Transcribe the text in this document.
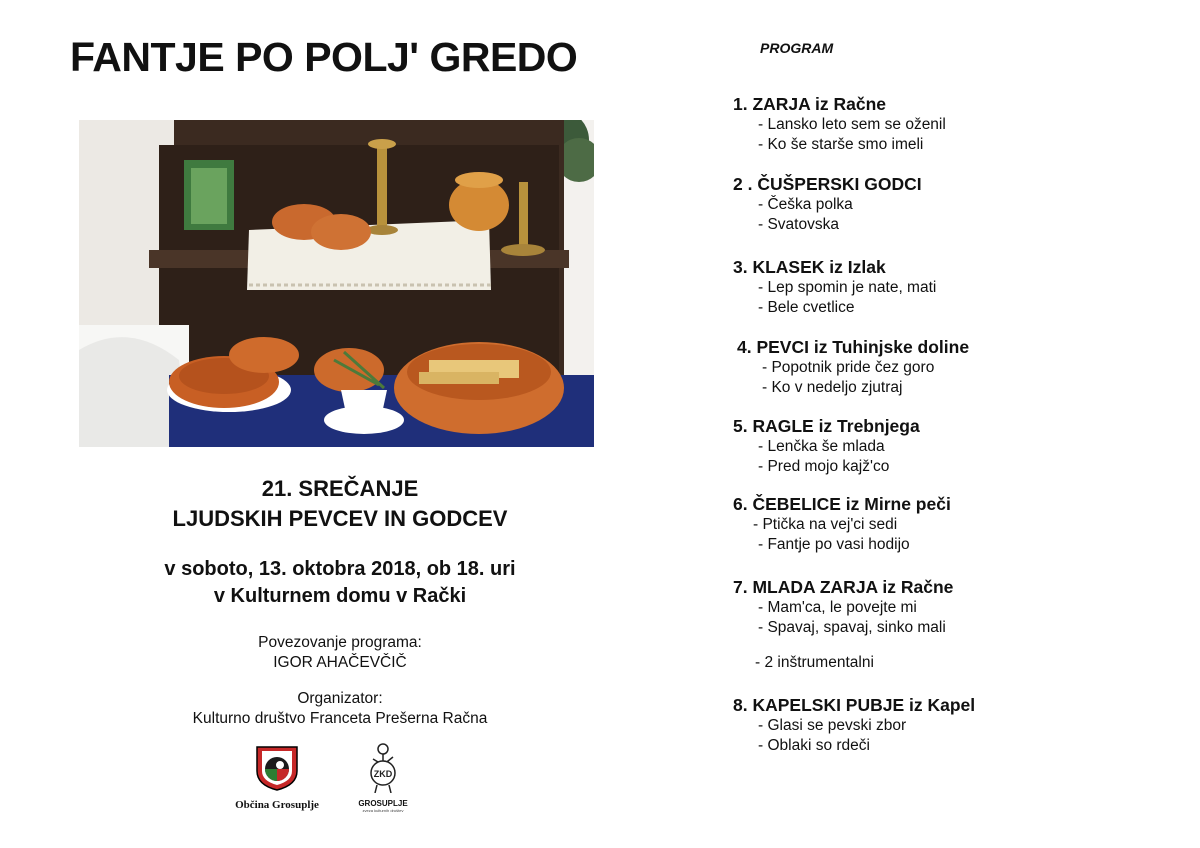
FANTJE PO POLJ' GREDO
21. SREČANJE
LJUDSKIH PEVCEV IN GODCEV
v soboto, 13. oktobra 2018, ob 18. uri
v Kulturnem domu v Rački
Povezovanje programa:
IGOR AHAČEVČIČ
Organizator:
Kulturno društvo Franceta Prešerna Račna
Občina Grosuplje
ZKD
GROSUPLJE
zveza kulturnih društev
PROGRAM
1. ZARJA iz Račne
- Lansko leto sem se oženil
- Ko še starše smo imeli
2 . ČUŠPERSKI GODCI
- Češka polka
- Svatovska
3. KLASEK iz Izlak
- Lep spomin je nate, mati
- Bele cvetlice
4. PEVCI iz Tuhinjske doline
- Popotnik pride čez goro
- Ko v nedeljo zjutraj
5. RAGLE iz Trebnjega
- Lenčka še mlada
- Pred mojo kajž'co
6. ČEBELICE iz Mirne peči
- Ptička na vej'ci sedi
- Fantje po vasi hodijo
7. MLADA ZARJA iz Račne
- Mam'ca, le povejte mi
- Spavaj, spavaj, sinko mali
- 2 inštrumentalni
8. KAPELSKI PUBJE iz Kapel
- Glasi se pevski zbor
- Oblaki so rdeči
